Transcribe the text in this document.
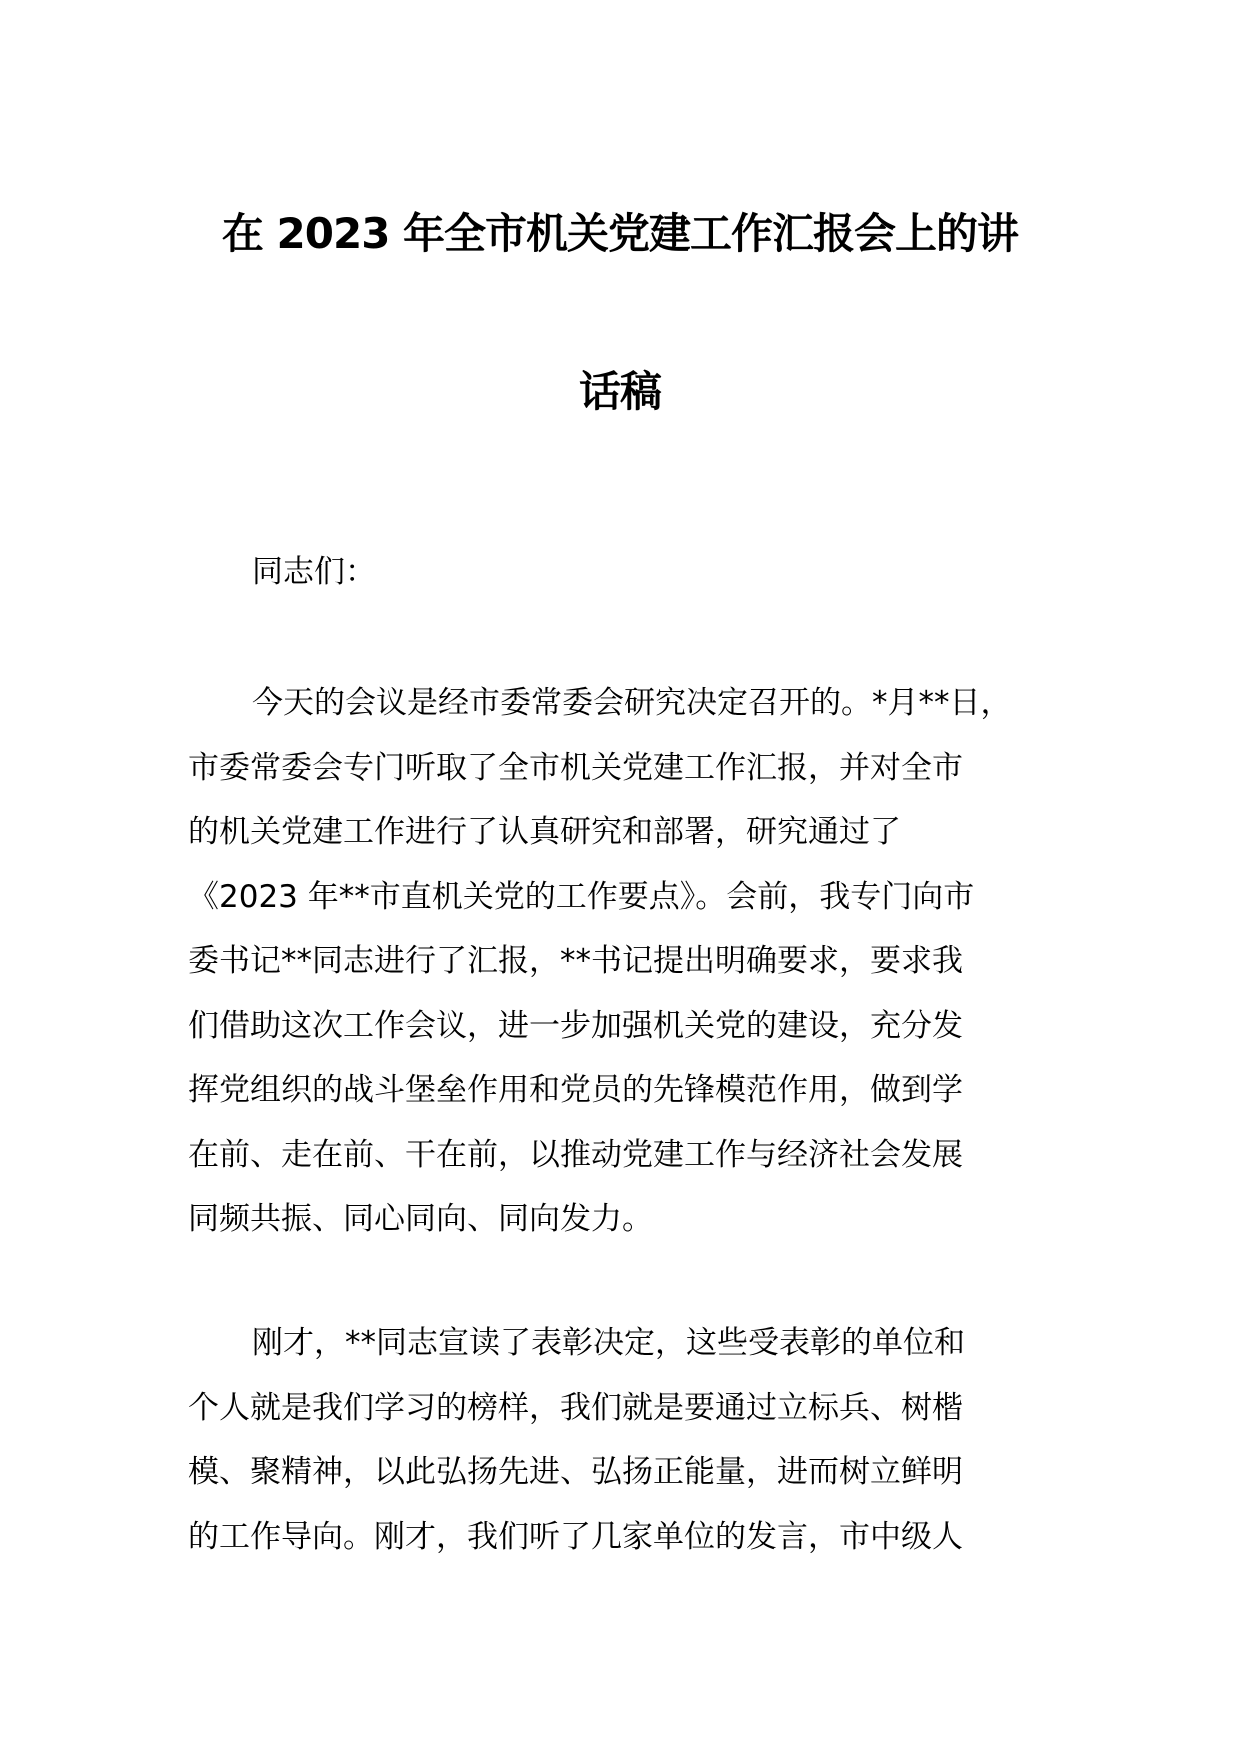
在 2023 年全市机关党建工作汇报会上的讲
话稿
同志们：
今天的会议是经市委常委会研究决定召开的。*月**日，
市委常委会专门听取了全市机关党建工作汇报，并对全市
的机关党建工作进行了认真研究和部署，研究通过了
《2023 年**市直机关党的工作要点》。会前，我专门向市
委书记**同志进行了汇报，**书记提出明确要求，要求我
们借助这次工作会议，进一步加强机关党的建设，充分发
挥党组织的战斗堡垒作用和党员的先锋模范作用，做到学
在前、走在前、干在前，以推动党建工作与经济社会发展
同频共振、同心同向、同向发力。
刚才，**同志宣读了表彰决定，这些受表彰的单位和
个人就是我们学习的榜样，我们就是要通过立标兵、树楷
模、聚精神，以此弘扬先进、弘扬正能量，进而树立鲜明
的工作导向。刚才，我们听了几家单位的发言，市中级人
